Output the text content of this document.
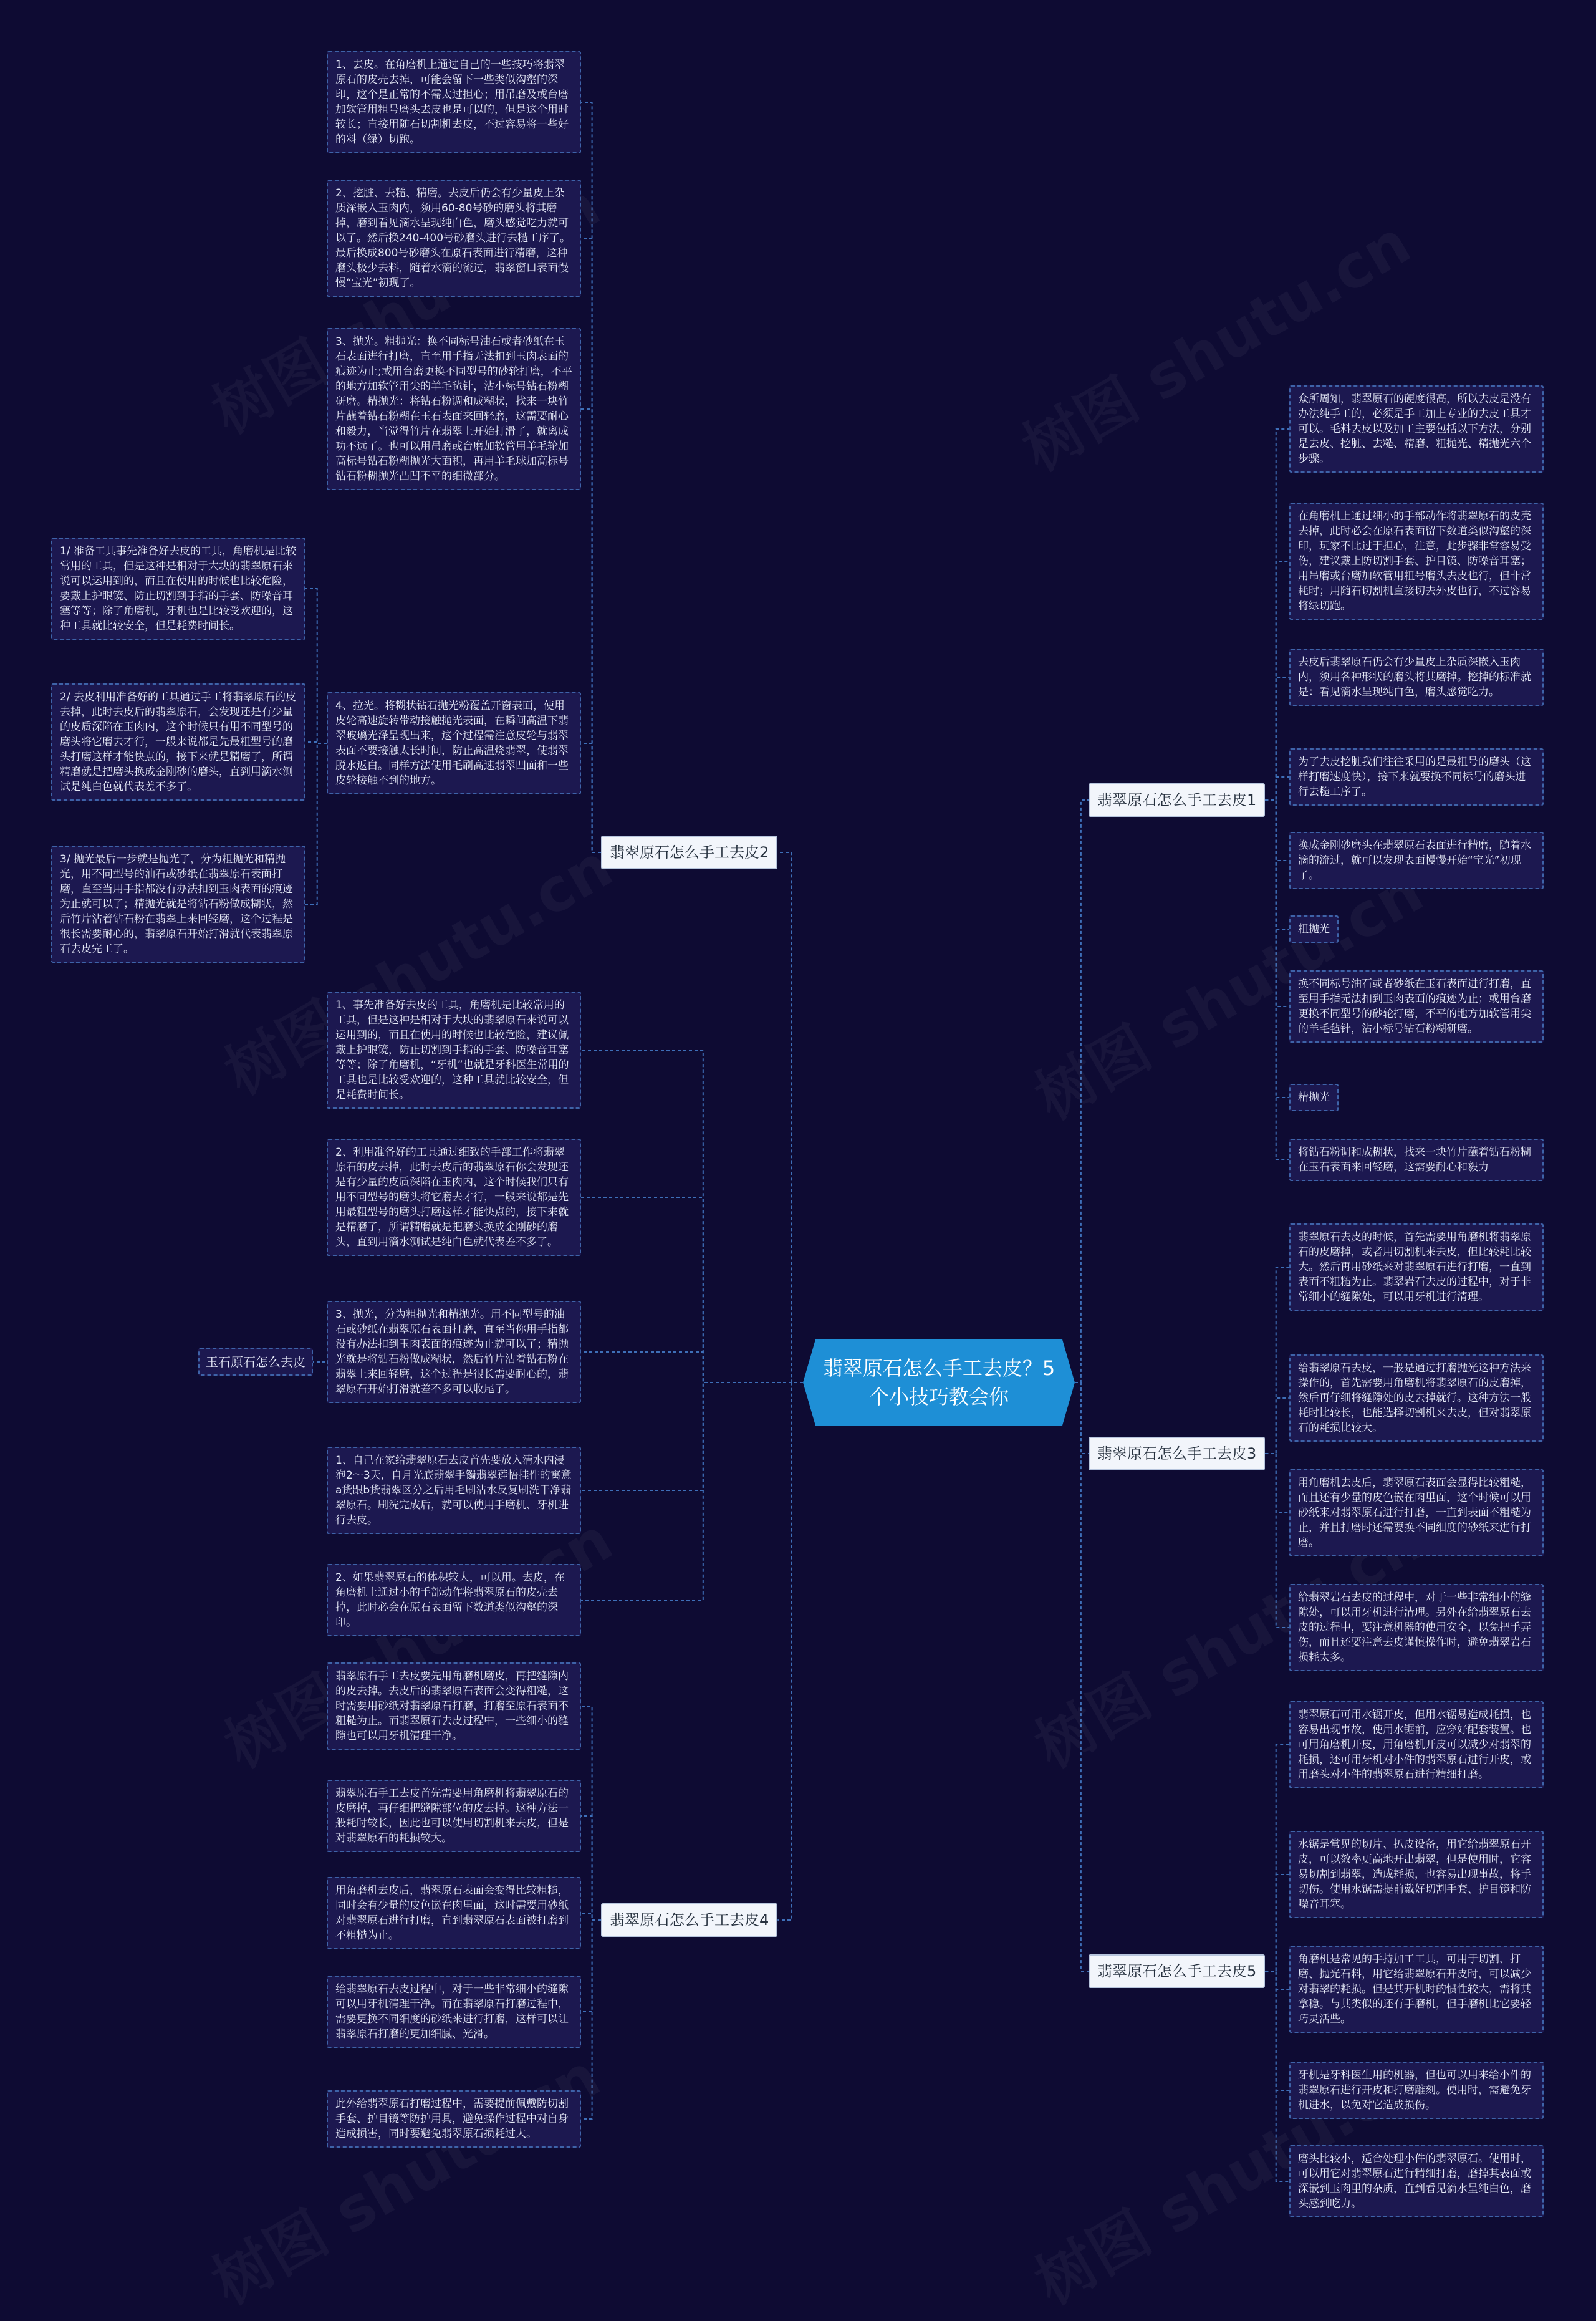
翡翠原石怎么手工去皮？5个小技巧教会你
翡翠原石怎么手工去皮1
众所周知，翡翠原石的硬度很高，所以去皮是没有办法纯手工的，必须是手工加上专业的去皮工具才可以。毛料去皮以及加工主要包括以下方法，分别是去皮、挖脏、去糙、精磨、粗抛光、精抛光六个步骤。
在角磨机上通过细小的手部动作将翡翠原石的皮壳去掉，此时必会在原石表面留下数道类似沟壑的深印，玩家不比过于担心，注意，此步骤非常容易受伤，建议戴上防切割手套、护目镜、防噪音耳塞；用吊磨或台磨加软管用粗号磨头去皮也行，但非常耗时；用随石切割机直接切去外皮也行，不过容易将绿切跑。
去皮后翡翠原石仍会有少量皮上杂质深嵌入玉肉内，须用各种形状的磨头将其磨掉。挖掉的标准就是：看见滴水呈现纯白色，磨头感觉吃力。
为了去皮挖脏我们往往采用的是最粗号的磨头（这样打磨速度快），接下来就要换不同标号的磨头进行去糙工序了。
换成金刚砂磨头在翡翠原石表面进行精磨，随着水滴的流过，就可以发现表面慢慢开始“宝光”初现了。
粗抛光
换不同标号油石或者砂纸在玉石表面进行打磨，直至用手指无法扣到玉肉表面的痕迹为止；或用台磨更换不同型号的砂轮打磨，不平的地方加软管用尖的羊毛毡针，沾小标号钻石粉糊研磨。
精抛光
将钻石粉调和成糊状，找来一块竹片蘸着钻石粉糊在玉石表面来回轻磨，这需要耐心和毅力
翡翠原石怎么手工去皮2
1、去皮。在角磨机上通过自己的一些技巧将翡翠原石的皮壳去掉，可能会留下一些类似沟壑的深印，这个是正常的不需太过担心；用吊磨及或台磨加软管用粗号磨头去皮也是可以的，但是这个用时较长；直接用随石切割机去皮，不过容易将一些好的料（绿）切跑。
2、挖脏、去糙、精磨。去皮后仍会有少量皮上杂质深嵌入玉肉内，须用60-80号砂的磨头将其磨掉，磨到看见滴水呈现纯白色，磨头感觉吃力就可以了。然后换240-400号砂磨头进行去糙工序了。最后换成800号砂磨头在原石表面进行精磨，这种磨头极少去料，随着水滴的流过，翡翠窗口表面慢慢“宝光”初现了。
3、抛光。粗抛光：换不同标号油石或者砂纸在玉石表面进行打磨，直至用手指无法扣到玉肉表面的痕迹为止;或用台磨更换不同型号的砂轮打磨，不平的地方加软管用尖的羊毛毡针，沾小标号钻石粉糊研磨。精抛光：将钻石粉调和成糊状，找来一块竹片蘸着钻石粉糊在玉石表面来回轻磨，这需要耐心和毅力，当觉得竹片在翡翠上开始打滑了，就离成功不远了。也可以用吊磨或台磨加软管用羊毛轮加高标号钻石粉糊抛光大面积，再用羊毛球加高标号钻石粉糊抛光凸凹不平的细微部分。
4、拉光。将糊状钻石抛光粉覆盖开窗表面，使用皮轮高速旋转带动接触抛光表面，在瞬间高温下翡翠玻璃光泽呈现出来，这个过程需注意皮轮与翡翠表面不要接触太长时间，防止高温烧翡翠，使翡翠脱水返白。同样方法使用毛刷高速翡翠凹面和一些皮轮接触不到的地方。
1/ 准备工具事先准备好去皮的工具，角磨机是比较常用的工具，但是这种是相对于大块的翡翠原石来说可以运用到的，而且在使用的时候也比较危险，要戴上护眼镜、防止切割到手指的手套、防噪音耳塞等等；除了角磨机，牙机也是比较受欢迎的，这种工具就比较安全，但是耗费时间长。
2/ 去皮利用准备好的工具通过手工将翡翠原石的皮去掉，此时去皮后的翡翠原石，会发现还是有少量的皮质深陷在玉肉内，这个时候只有用不同型号的磨头将它磨去才行，一般来说都是先最粗型号的磨头打磨这样才能快点的，接下来就是精磨了，所谓精磨就是把磨头换成金刚砂的磨头，直到用滴水测试是纯白色就代表差不多了。
3/ 抛光最后一步就是抛光了，分为粗抛光和精抛光，用不同型号的油石或砂纸在翡翠原石表面打磨，直至当用手指都没有办法扣到玉肉表面的痕迹为止就可以了；精抛光就是将钻石粉做成糊状，然后竹片沾着钻石粉在翡翠上来回轻磨，这个过程是很长需要耐心的，翡翠原石开始打滑就代表翡翠原石去皮完工了。
翡翠原石怎么手工去皮3
翡翠原石去皮的时候，首先需要用角磨机将翡翠原石的皮磨掉，或者用切割机来去皮，但比较耗比较大。然后再用砂纸来对翡翠原石进行打磨，一直到表面不粗糙为止。翡翠岩石去皮的过程中，对于非常细小的缝隙处，可以用牙机进行清理。
给翡翠原石去皮，一般是通过打磨抛光这种方法来操作的，首先需要用角磨机将翡翠原石的皮磨掉，然后再仔细将缝隙处的皮去掉就行。这种方法一般耗时比较长，也能选择切割机来去皮，但对翡翠原石的耗损比较大。
用角磨机去皮后，翡翠原石表面会显得比较粗糙，而且还有少量的皮色嵌在肉里面，这个时候可以用砂纸来对翡翠原石进行打磨，一直到表面不粗糙为止，并且打磨时还需要换不同细度的砂纸来进行打磨。
给翡翠岩石去皮的过程中，对于一些非常细小的缝隙处，可以用牙机进行清理。另外在给翡翠原石去皮的过程中，要注意机器的使用安全，以免把手弄伤，而且还要注意去皮谨慎操作时，避免翡翠岩石损耗太多。
翡翠原石怎么手工去皮4
翡翠原石手工去皮要先用角磨机磨皮，再把缝隙内的皮去掉。去皮后的翡翠原石表面会变得粗糙，这时需要用砂纸对翡翠原石打磨，打磨至原石表面不粗糙为止。而翡翠原石去皮过程中，一些细小的缝隙也可以用牙机清理干净。
翡翠原石手工去皮首先需要用角磨机将翡翠原石的皮磨掉，再仔细把缝隙部位的皮去掉。这种方法一般耗时较长，因此也可以使用切割机来去皮，但是对翡翠原石的耗损较大。
用角磨机去皮后，翡翠原石表面会变得比较粗糙，同时会有少量的皮色嵌在肉里面，这时需要用砂纸对翡翠原石进行打磨，直到翡翠原石表面被打磨到不粗糙为止。
给翡翠原石去皮过程中，对于一些非常细小的缝隙可以用牙机清理干净。而在翡翠原石打磨过程中，需要更换不同细度的砂纸来进行打磨，这样可以让翡翠原石打磨的更加细腻、光滑。
此外给翡翠原石打磨过程中，需要提前佩戴防切割手套、护目镜等防护用具，避免操作过程中对自身造成损害，同时要避免翡翠原石损耗过大。
翡翠原石怎么手工去皮5
翡翠原石可用水锯开皮，但用水锯易造成耗损，也容易出现事故，使用水锯前，应穿好配套装置。也可用角磨机开皮，用角磨机开皮可以减少对翡翠的耗损，还可用牙机对小件的翡翠原石进行开皮，或用磨头对小件的翡翠原石进行精细打磨。
水锯是常见的切片、扒皮设备，用它给翡翠原石开皮，可以效率更高地开出翡翠，但是使用时，它容易切割到翡翠，造成耗损，也容易出现事故，将手切伤。使用水锯需提前戴好切割手套、护目镜和防噪音耳塞。
角磨机是常见的手持加工工具，可用于切割、打磨、抛光石料，用它给翡翠原石开皮时，可以减少对翡翠的耗损。但是其开机时的惯性较大，需将其拿稳。与其类似的还有手磨机，但手磨机比它要轻巧灵活些。
牙机是牙科医生用的机器，但也可以用来给小件的翡翠原石进行开皮和打磨雕刻。使用时，需避免牙机进水，以免对它造成损伤。
磨头比较小，适合处理小件的翡翠原石。使用时，可以用它对翡翠原石进行精细打磨，磨掉其表面或深嵌到玉肉里的杂质，直到看见滴水呈纯白色，磨头感到吃力。
1、事先准备好去皮的工具，角磨机是比较常用的工具，但是这种是相对于大块的翡翠原石来说可以运用到的，而且在使用的时候也比较危险，建议佩戴上护眼镜，防止切割到手指的手套、防噪音耳塞等等；除了角磨机，“牙机”也就是牙科医生常用的工具也是比较受欢迎的，这种工具就比较安全，但是耗费时间长。
2、利用准备好的工具通过细致的手部工作将翡翠原石的皮去掉，此时去皮后的翡翠原石你会发现还是有少量的皮质深陷在玉肉内，这个时候我们只有用不同型号的磨头将它磨去才行，一般来说都是先用最粗型号的磨头打磨这样才能快点的，接下来就是精磨了，所谓精磨就是把磨头换成金刚砂的磨头，直到用滴水测试是纯白色就代表差不多了。
3、抛光，分为粗抛光和精抛光。用不同型号的油石或砂纸在翡翠原石表面打磨，直至当你用手指都没有办法扣到玉肉表面的痕迹为止就可以了；精抛光就是将钻石粉做成糊状，然后竹片沾着钻石粉在翡翠上来回轻磨，这个过程是很长需要耐心的，翡翠原石开始打滑就差不多可以收尾了。
玉石原石怎么去皮
1、自己在家给翡翠原石去皮首先要放入清水内浸泡2～3天，自月光底翡翠手镯翡翠莲悟挂件的寓意a货跟b货翡翠区分之后用毛刷沾水反复刷洗干净翡翠原石。刷洗完成后，就可以使用手磨机、牙机进行去皮。
2、如果翡翠原石的体积较大，可以用。去皮，在角磨机上通过小的手部动作将翡翠原石的皮壳去掉，此时必会在原石表面留下数道类似沟壑的深印。
